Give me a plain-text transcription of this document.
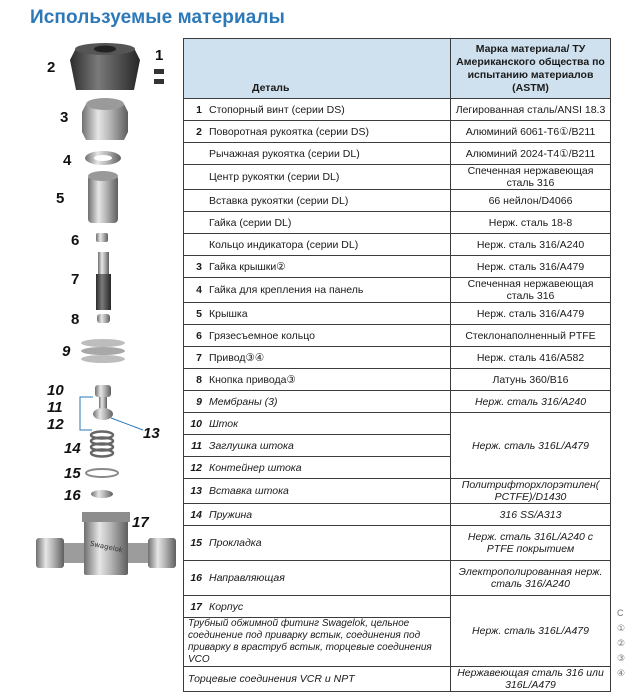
Используемые материалы
Swagelok
1
2
3
4
5
6
7
8
9
10
11
12
13
14
15
16
17
Деталь	Марка материала/ ТУ Американского общества по испытанию материалов (ASTM)
1 Стопорный винт (серии DS)	Легированная сталь/ANSI 18.3
2 Поворотная рукоятка (серии DS)	Алюминий 6061-T6①/B211
Рычажная рукоятка (серии DL)	Алюминий 2024-T4①/B211
Центр рукоятки (серии DL)	Спеченная нержавеющая сталь 316
Вставка рукоятки (серии DL)	66 нейлон/D4066
Гайка (серии DL)	Нерж. сталь 18-8
Кольцо индикатора (серии DL)	Нерж. сталь 316/A240
3 Гайка крышки②	Нерж. сталь 316/A479
4 Гайка для крепления на панель	Спеченная нержавеющая сталь 316
5 Крышка	Нерж. сталь 316/A479
6 Грязесъемное кольцо	Стеклонаполненный PTFE
7 Привод③④	Нерж. сталь 416/A582
8 Кнопка привода③	Латунь 360/B16
9 Мембраны (3)	Нерж. сталь 316/A240
10 Шток	Нерж. сталь 316L/A479
11 Заглушка штока	
12 Контейнер штока	
13 Вставка штока	Политрифторхлорэтилен( PCTFE)/D1430
14 Пружина	316 SS/A313
15 Прокладка	Нерж. сталь 316L/A240 с PTFE покрытием
16 Направляющая	Электрополированная нерж. сталь 316/A240
17 Корпус	Нерж. сталь 316L/A479
Трубный обжимной фитинг Swagelok, цельное соединение под приварку встык, соединения под приварку в враструб встык, торцевые соединения VCO	
Торцевые соединения VCR и NPT	Нержавеющая сталь 316 или 316L/A479
С
①
②
③
④
